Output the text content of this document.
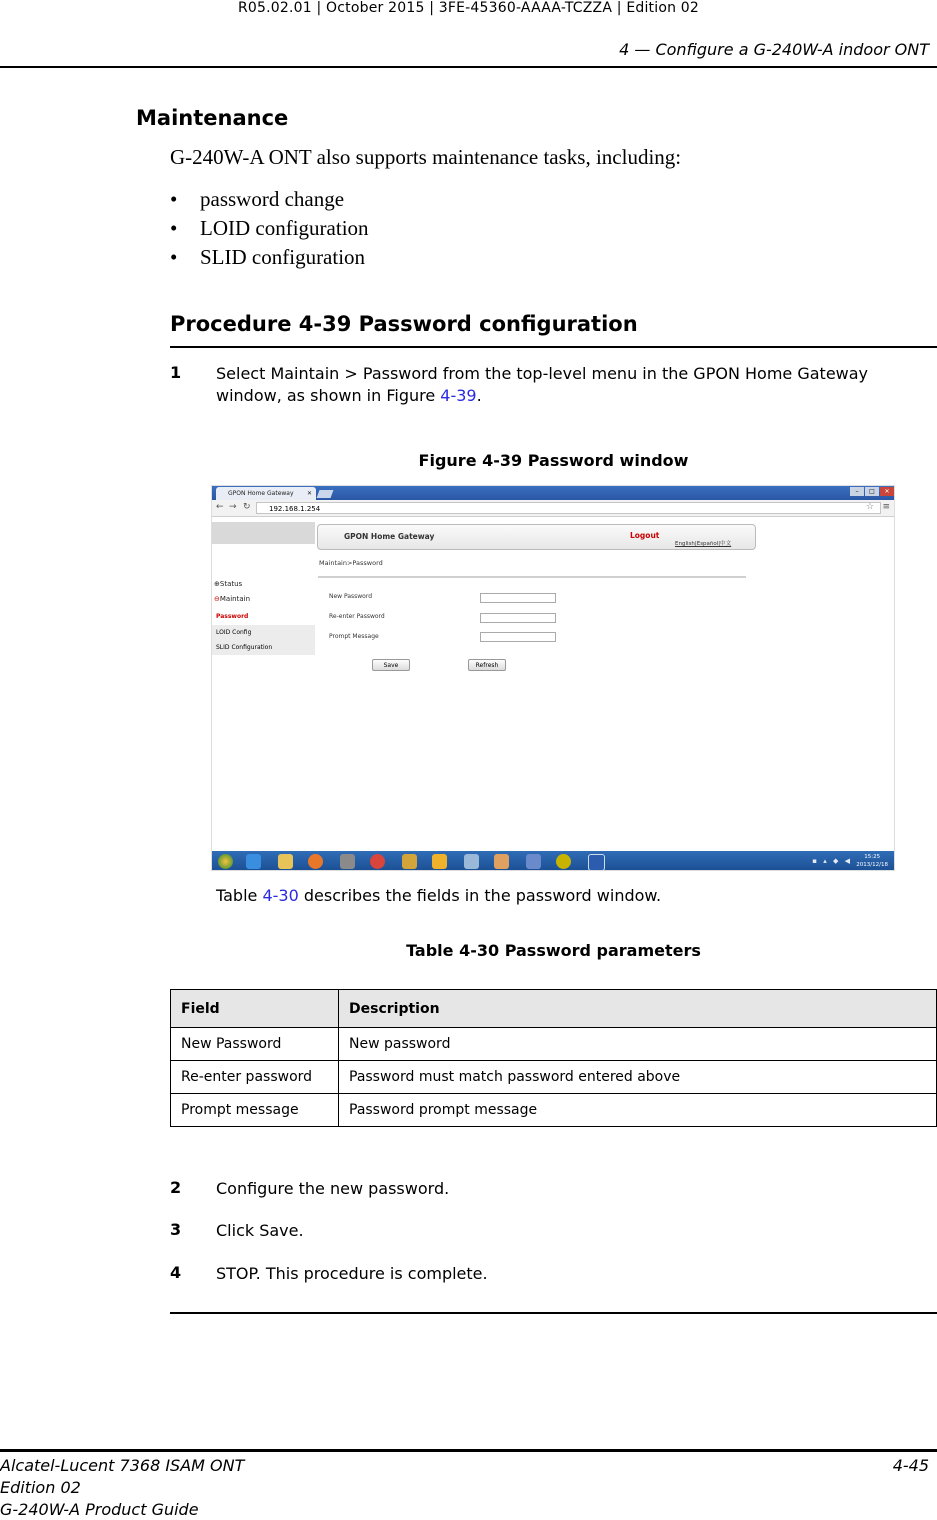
R05.02.01 | October 2015 | 3FE-45360-AAAA-TCZZA | Edition 02
4 — Configure a G-240W-A indoor ONT
Maintenance
G-240W-A ONT also supports maintenance tasks, including:
• password change
• LOID configuration
• SLID configuration
Procedure 4-39 Password configuration
1 Select Maintain > Password from the top-level menu in the GPON Home Gateway
window, as shown in Figure 4-39.
Figure 4-39 Password window
GPON Home Gateway ✕	–	□	✕
← → ↻	192.168.1.254	☆ ≡
⊕Status
⊖Maintain
Password
LOID Config
SLID Configuration
GPON Home Gateway	Logout
English|Español|中文
Maintain>Password
New Password
Re-enter Password
Prompt Message
Save	Refresh
▪ ▴ ◆ ◀	15:25
2013/12/18
Table 4-30 describes the fields in the password window.
Table 4-30 Password parameters
Field	Description
New Password	New password
Re-enter password	Password must match password entered above
Prompt message	Password prompt message
2 Configure the new password.
3 Click Save.
4 STOP. This procedure is complete.
Alcatel-Lucent 7368 ISAM ONT
Edition 02
G-240W-A Product Guide
4-45
